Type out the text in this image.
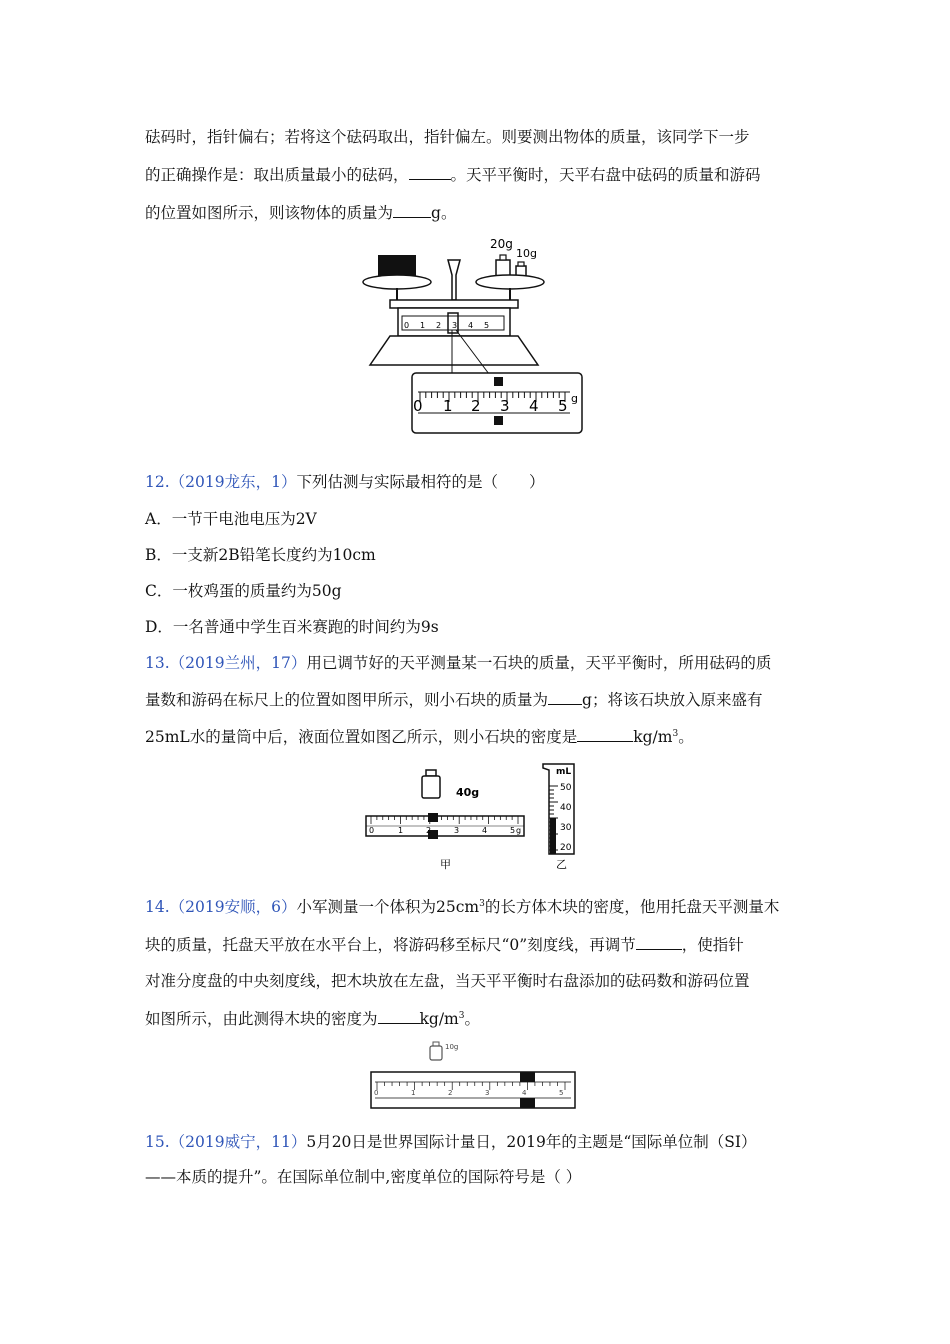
砝码时，指针偏右；若将这个砝码取出，指针偏左。则要测出物体的质量，该同学下一步
的正确操作是：取出质量最小的砝码，	。天平平衡时，天平右盘中砝码的质量和游码
的位置如图所示，则该物体的质量为 g。
20g
10g
0 1 2 3 4 5
0 1 2 3 4 5 g
12.（2019龙东，1）下列估测与实际最相符的是（　　）
A．一节干电池电压为2V
B．一支新2B铅笔长度约为10cm
C．一枚鸡蛋的质量约为50g
D．一名普通中学生百米赛跑的时间约为9s
13.（2019兰州，17）用已调节好的天平测量某一石块的质量，天平平衡时，所用砝码的质
量数和游码在标尺上的位置如图甲所示，则小石块的质量为 g；将该石块放入原来盛有
25mL水的量筒中后，液面位置如图乙所示，则小石块的密度是	$kg/m^3$。
40g
0	1	2	3	4	5 g
甲
mL
50
40
30
20
乙
14.（2019安顺，6）小军测量一个体积为$25cm^3$的长方体木块的密度，他用托盘天平测量木
块的质量，托盘天平放在水平台上，将游码移至标尺“0”刻度线，再调节	，使指针
对准分度盘的中央刻度线，把木块放在左盘，当天平平衡时右盘添加的砝码数和游码位置
如图所示，由此测得木块的密度为	$kg/m^3$。
10g
0	1	2	3	4	5
15.（2019威宁，11）5月20日是世界国际计量日，2019年的主题是“国际单位制（SI）
——本质的提升”。在国际单位制中,密度单位的国际符号是（ ）
